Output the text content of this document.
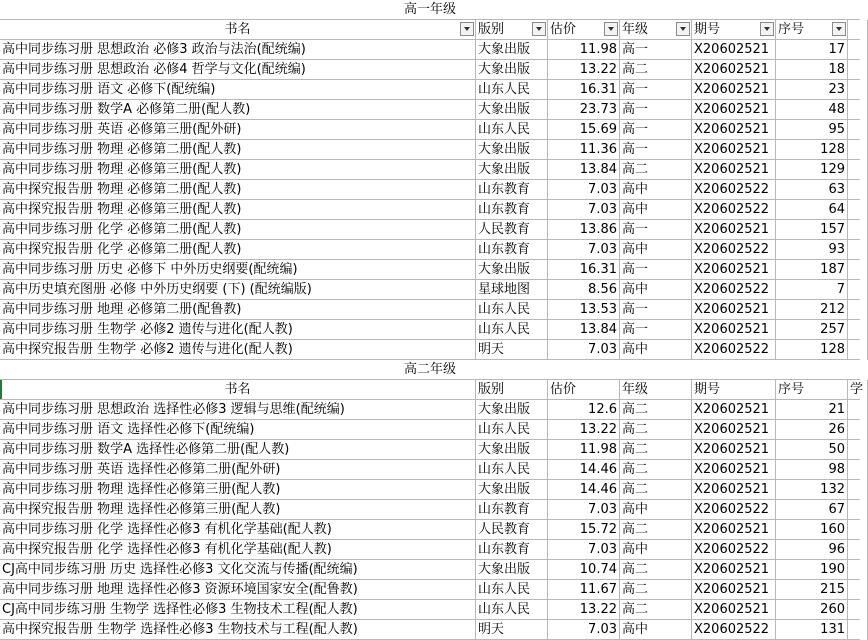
高一年级
书名	版别	估价	年级	期号	序号
高中同步练习册 思想政治 必修3 政治与法治(配统编)	大象出版	11.98 高一	X20602521	17
高中同步练习册 思想政治 必修4 哲学与文化(配统编)	大象出版	13.22 高二	X20602521	18
高中同步练习册 语文 必修下(配统编)	山东人民	16.31 高一	X20602521	23
高中同步练习册 数学A 必修第二册(配人教)	大象出版	23.73 高一	X20602521	48
高中同步练习册 英语 必修第三册(配外研)	山东人民	15.69 高一	X20602521	95
高中同步练习册 物理 必修第二册(配人教)	大象出版	11.36 高一	X20602521	128
高中同步练习册 物理 必修第三册(配人教)	大象出版	13.84 高二	X20602521	129
高中探究报告册 物理 必修第二册(配人教)	山东教育	7.03 高中	X20602522	63
高中探究报告册 物理 必修第三册(配人教)	山东教育	7.03 高中	X20602522	64
高中同步练习册 化学 必修第二册(配人教)	人民教育	13.86 高一	X20602521	157
高中探究报告册 化学 必修第二册(配人教)	山东教育	7.03 高中	X20602522	93
高中同步练习册 历史 必修下 中外历史纲要(配统编)	大象出版	16.31 高一	X20602521	187
高中历史填充图册 必修 中外历史纲要 (下) (配统编版)	星球地图	8.56 高中	X20602522	7
高中同步练习册 地理 必修第二册(配鲁教)	山东人民	13.53 高一	X20602521	212
高中同步练习册 生物学 必修2 遗传与进化(配人教)	山东人民	13.84 高一	X20602521	257
高中探究报告册 生物学 必修2 遗传与进化(配人教)	明天	7.03 高中	X20602522	128
高二年级
书名	版别	估价	年级	期号	序号	学
高中同步练习册 思想政治 选择性必修3 逻辑与思维(配统编)	大象出版	12.6 高二	X20602521	21
高中同步练习册 语文 选择性必修下(配统编)	山东人民	13.22 高二	X20602521	26
高中同步练习册 数学A 选择性必修第二册(配人教)	大象出版	11.98 高二	X20602521	50
高中同步练习册 英语 选择性必修第二册(配外研)	山东人民	14.46 高二	X20602521	98
高中同步练习册 物理 选择性必修第三册(配人教)	大象出版	14.46 高二	X20602521	132
高中探究报告册 物理 选择性必修第三册(配人教)	山东教育	7.03 高中	X20602522	67
高中同步练习册 化学 选择性必修3 有机化学基础(配人教)	人民教育	15.72 高二	X20602521	160
高中探究报告册 化学 选择性必修3 有机化学基础(配人教)	山东教育	7.03 高中	X20602522	96
CJ高中同步练习册 历史 选择性必修3 文化交流与传播(配统编)	大象出版	10.74 高二	X20602521	190
高中同步练习册 地理 选择性必修3 资源环境国家安全(配鲁教)	山东人民	11.67 高二	X20602521	215
CJ高中同步练习册 生物学 选择性必修3 生物技术工程(配人教)	山东人民	13.22 高二	X20602521	260
高中探究报告册 生物学 选择性必修3 生物技术与工程(配人教)	明天	7.03 高中	X20602522	131
